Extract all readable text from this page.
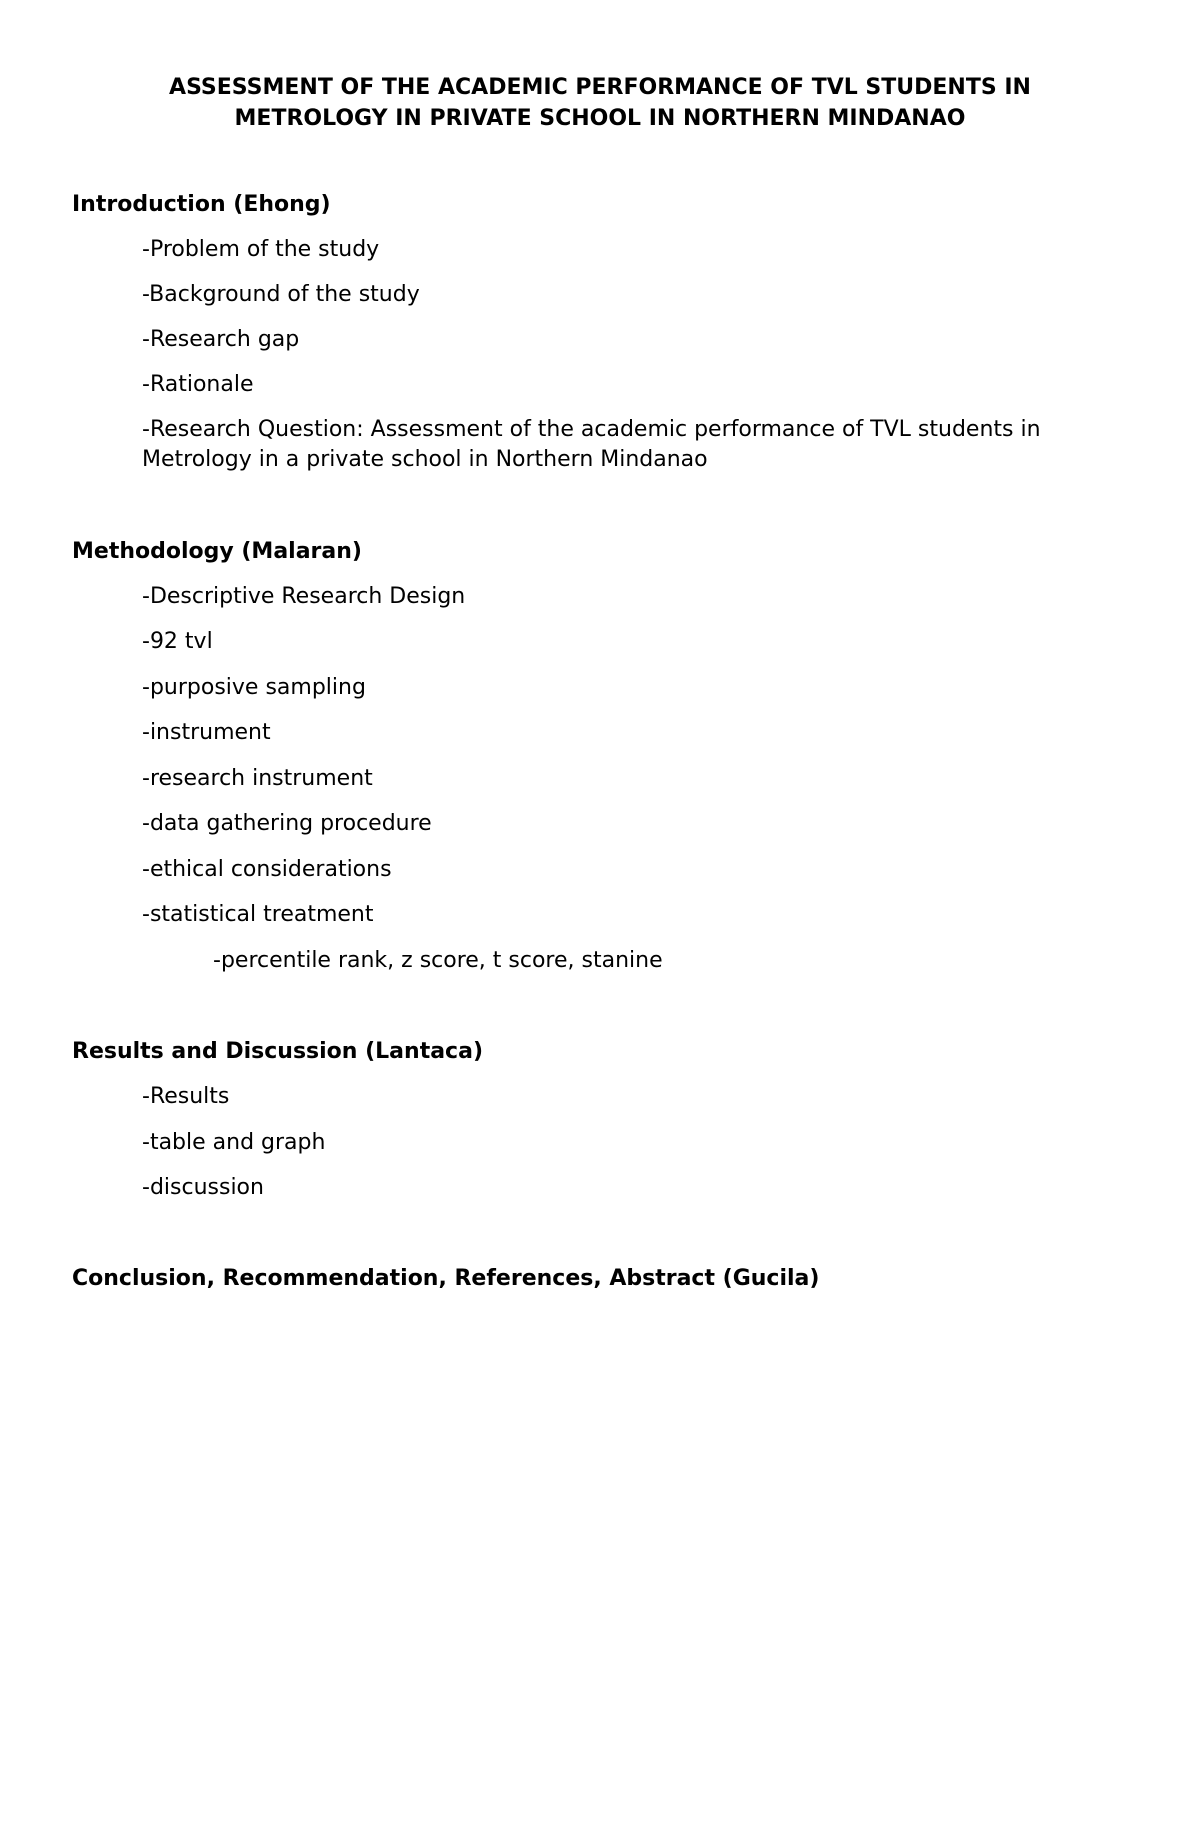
ASSESSMENT OF THE ACADEMIC PERFORMANCE OF TVL STUDENTS IN
METROLOGY IN PRIVATE SCHOOL IN NORTHERN MINDANAO
Introduction (Ehong)
-Problem of the study
-Background of the study
-Research gap
-Rationale
-Research Question: Assessment of the academic performance of TVL students in Metrology in a private school in Northern Mindanao
Methodology (Malaran)
-Descriptive Research Design
-92 tvl
-purposive sampling
-instrument
-research instrument
-data gathering procedure
-ethical considerations
-statistical treatment
-percentile rank, z score, t score, stanine
Results and Discussion (Lantaca)
-Results
-table and graph
-discussion
Conclusion, Recommendation, References, Abstract (Gucila)
